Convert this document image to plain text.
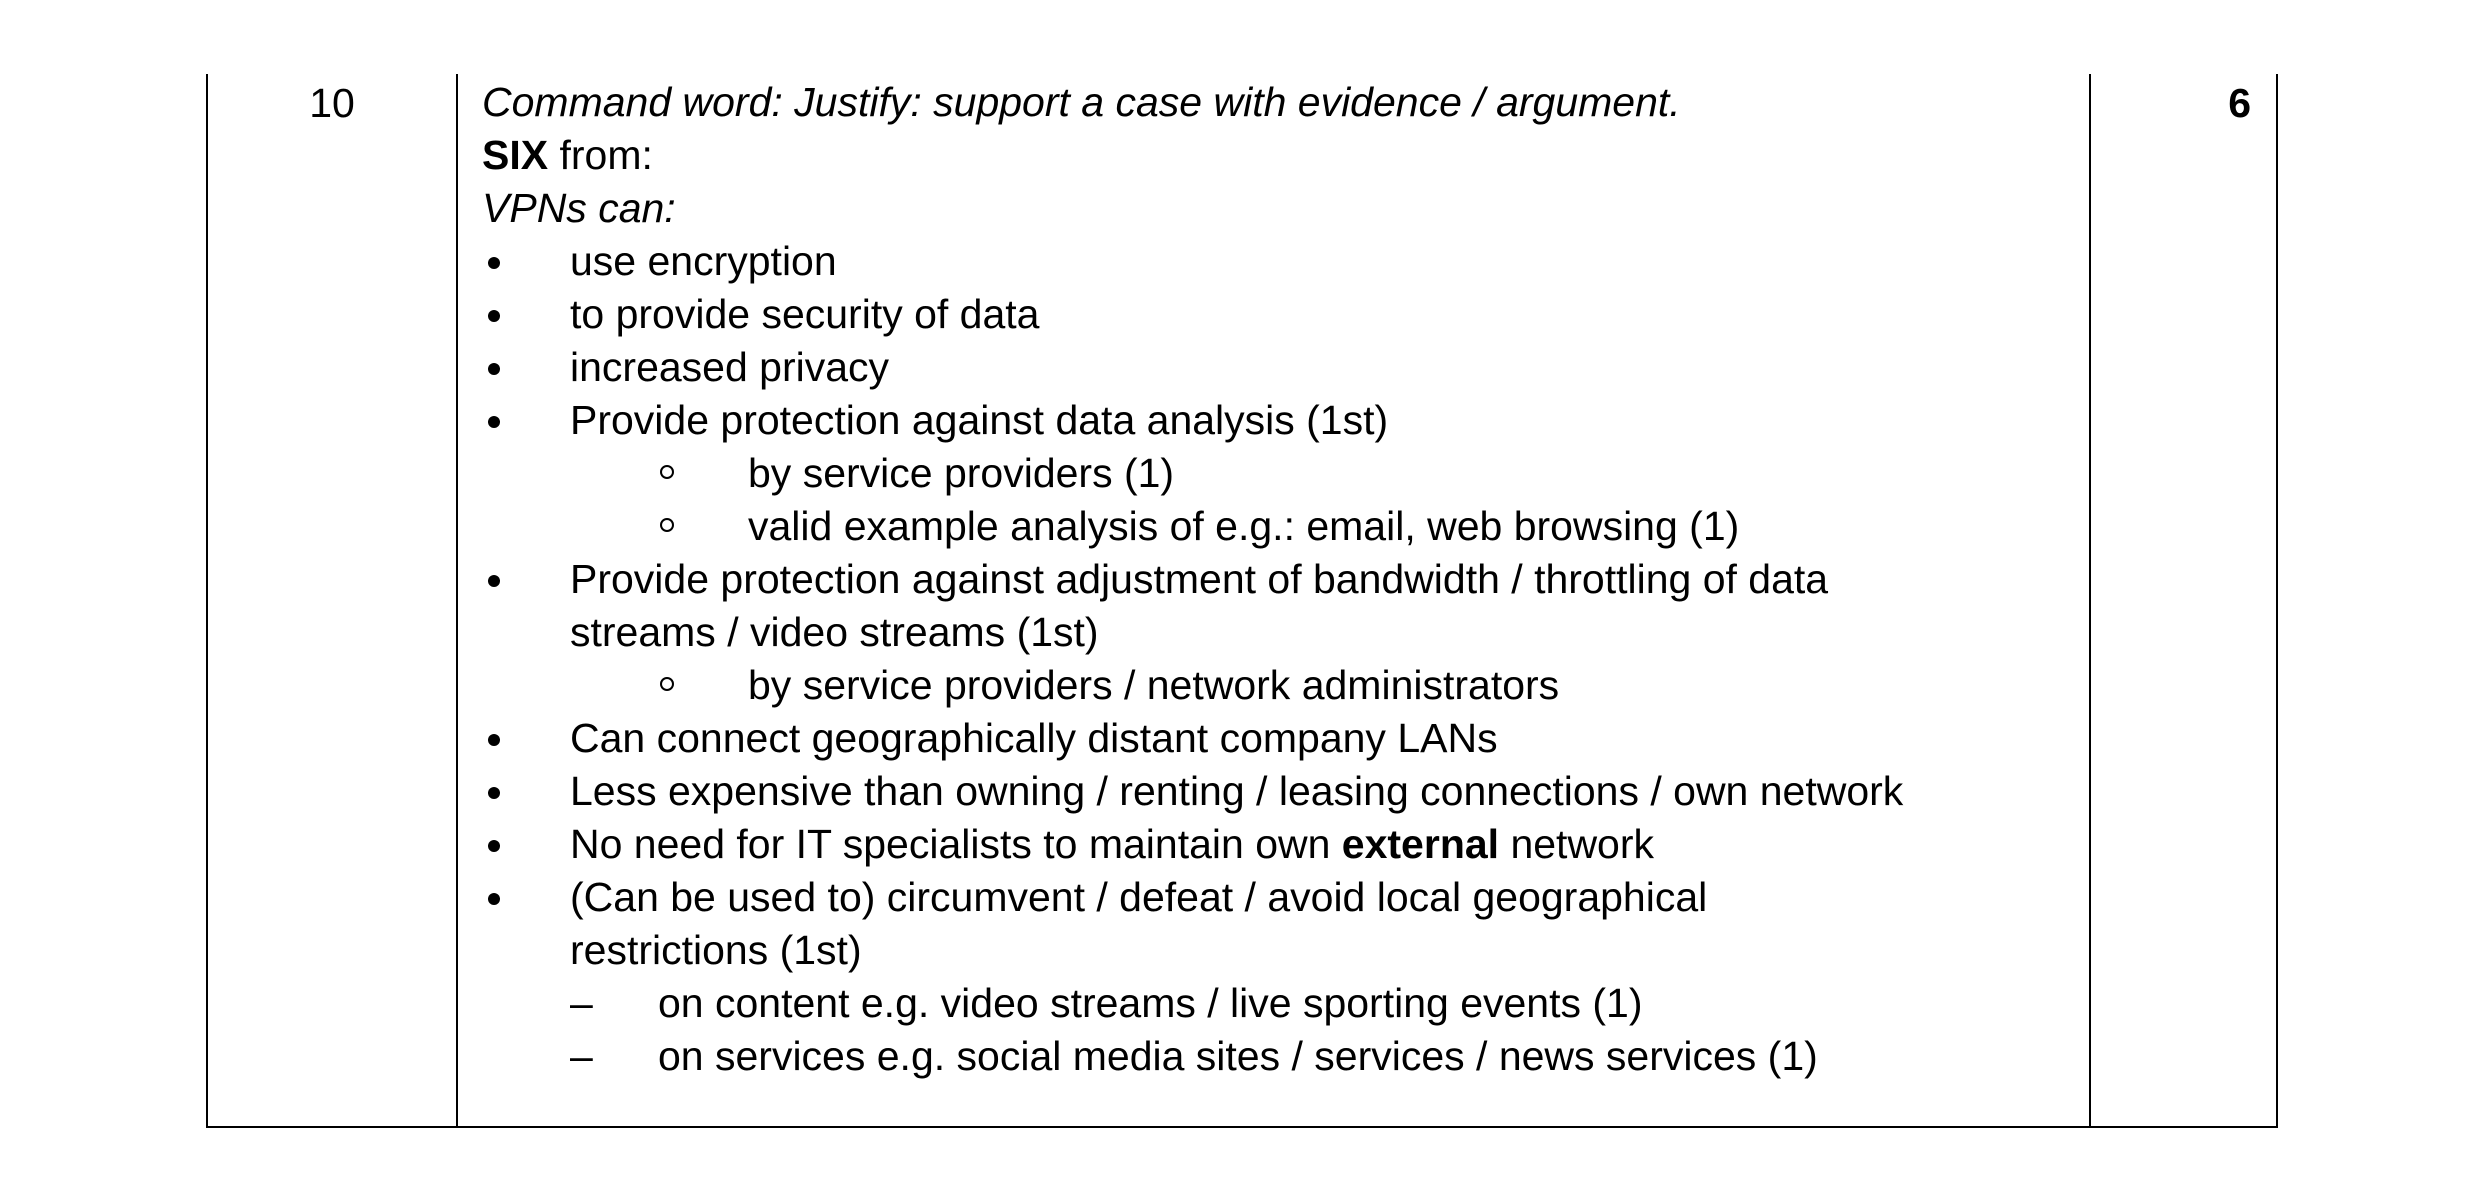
10	Command word: Justify: support a case with evidence / argument.
SIX from:
VPNs can:
use encryption
to provide security of data
increased privacy
Provide protection against data analysis (1st)
by service providers (1)
valid example analysis of e.g.: email, web browsing (1)
Provide protection against adjustment of bandwidth / throttling of data
streams / video streams (1st)
by service providers / network administrators
Can connect geographically distant company LANs
Less expensive than owning / renting / leasing connections / own network
No need for IT specialists to maintain own external network
(Can be used to) circumvent / defeat / avoid local geographical
restrictions (1st)
– on content e.g. video streams / live sporting events (1)
– on services e.g. social media sites / services / news services (1)
6
